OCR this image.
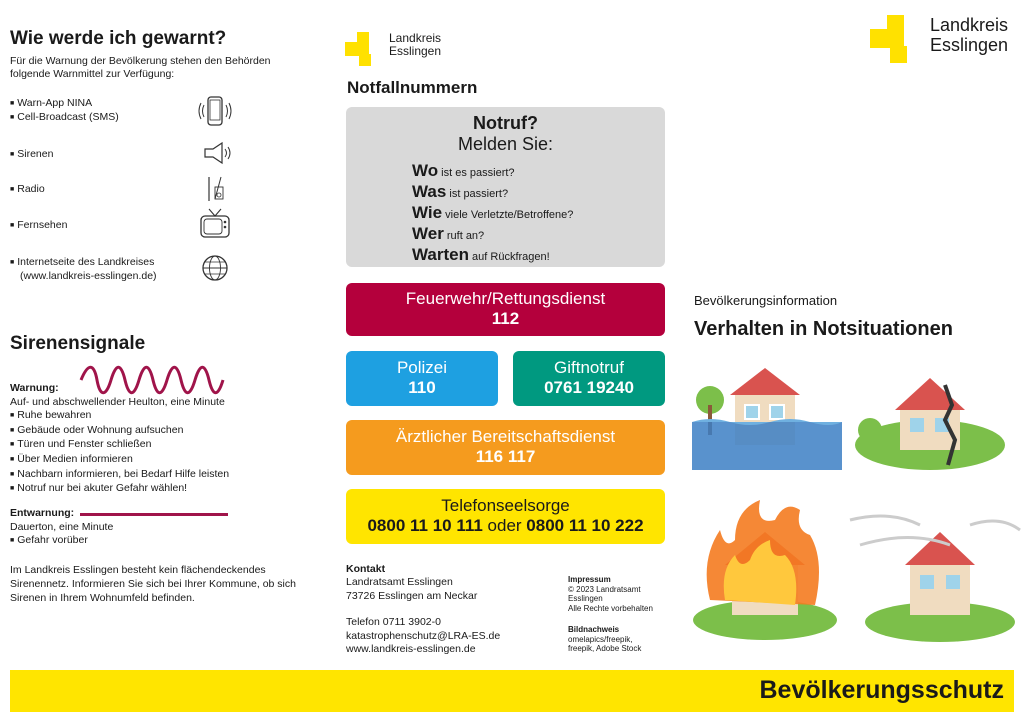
Wie werde ich gewarnt?
Für die Warnung der Bevölkerung stehen den Behörden folgende Warnmittel zur Verfügung:
■ Warn-App NINA
■ Cell-Broadcast (SMS)
■ Sirenen
■ Radio
■ Fernsehen
■ Internetseite des Landkreises
(www.landkreis-esslingen.de)
Sirenensignale
Warnung:
Auf- und abschwellender Heulton, eine Minute
■ Ruhe bewahren
■ Gebäude oder Wohnung aufsuchen
■ Türen und Fenster schließen
■ Über Medien informieren
■ Nachbarn informieren, bei Bedarf Hilfe leisten
■ Notruf nur bei akuter Gefahr wählen!
Entwarnung:
Dauerton, eine Minute
■ Gefahr vorüber
Im Landkreis Esslingen besteht kein flächendeckendes Sirenennetz. Informieren Sie sich bei Ihrer Kommune, ob sich Sirenen in Ihrem Wohnumfeld befinden.
Landkreis
Esslingen
Notfallnummern
Notruf?
Melden Sie:
Wo ist es passiert?
Was ist passiert?
Wie viele Verletzte/Betroffene?
Wer ruft an?
Warten auf Rückfragen!
Feuerwehr/Rettungsdienst
112
Polizei
110
Giftnotruf
0761 19240
Ärztlicher Bereitschaftsdienst
116 117
Telefonseelsorge
0800 11 10 111 oder 0800 11 10 222
Kontakt
Landratsamt Esslingen
73726 Esslingen am Neckar
Telefon 0711 3902-0
katastrophenschutz@LRA-ES.de
www.landkreis-esslingen.de
Impressum
© 2023 Landratsamt
Esslingen
Alle Rechte vorbehalten
Bildnachweis
omelapics/freepik,
freepik, Adobe Stock
Landkreis
Esslingen
Bevölkerungsinformation
Verhalten in Notsituationen
Bevölkerungsschutz
